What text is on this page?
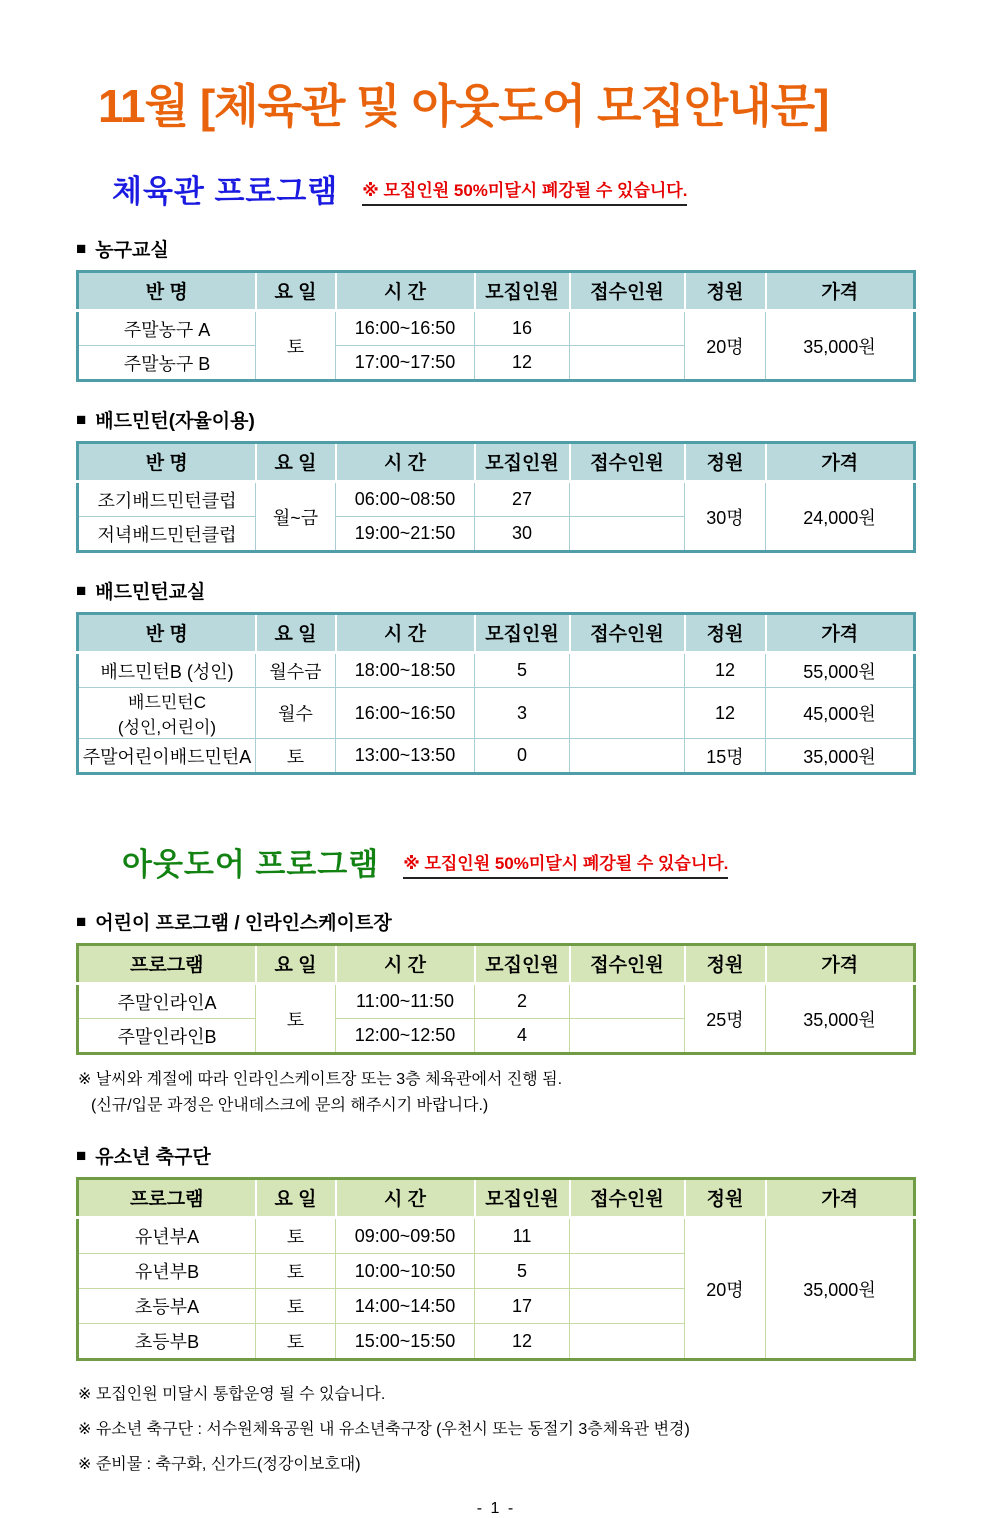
11월 [체육관 및 아웃도어 모집안내문]
체육관 프로그램 ※ 모집인원 50%미달시 폐강될 수 있습니다.
■ 농구교실
반 명	요 일	시 간	모집인원	접수인원	정원	가격
주말농구 A	토	16:00~16:50	16		20명	35,000원
주말농구 B		17:00~17:50	12			
■ 배드민턴(자율이용)
반 명	요 일	시 간	모집인원	접수인원	정원	가격
조기배드민턴클럽	월~금	06:00~08:50	27		30명	24,000원
저녁배드민턴클럽		19:00~21:50	30			
■ 배드민턴교실
반 명	요 일	시 간	모집인원	접수인원	정원	가격
배드민턴B (성인)	월수금	18:00~18:50	5		12	55,000원

배드민턴C
(성인,어린이)	월수	16:00~16:50	3		12	45,000원
주말어린이배드민턴A	토	13:00~13:50	0		15명	35,000원
아웃도어 프로그램 ※ 모집인원 50%미달시 폐강될 수 있습니다.
■ 어린이 프로그램 / 인라인스케이트장
프로그램	요 일	시 간	모집인원	접수인원	정원	가격
주말인라인A	토	11:00~11:50	2		25명	35,000원
주말인라인B		12:00~12:50	4			
※ 날씨와 계절에 따라 인라인스케이트장 또는 3층 체육관에서 진행 됨.
(신규/입문 과정은 안내데스크에 문의 해주시기 바랍니다.)
■ 유소년 축구단
프로그램	요 일	시 간	모집인원	접수인원	정원	가격
유년부A	토	09:00~09:50	11		20명	35,000원
유년부B	토	10:00~10:50	5			
초등부A	토	14:00~14:50	17			
초등부B	토	15:00~15:50	12			
※ 모집인원 미달시 통합운영 될 수 있습니다.
※ 유소년 축구단 : 서수원체육공원 내 유소년축구장 (우천시 또는 동절기 3층체육관 변경)
※ 준비물 : 축구화, 신가드(정강이보호대)
- 1 -
